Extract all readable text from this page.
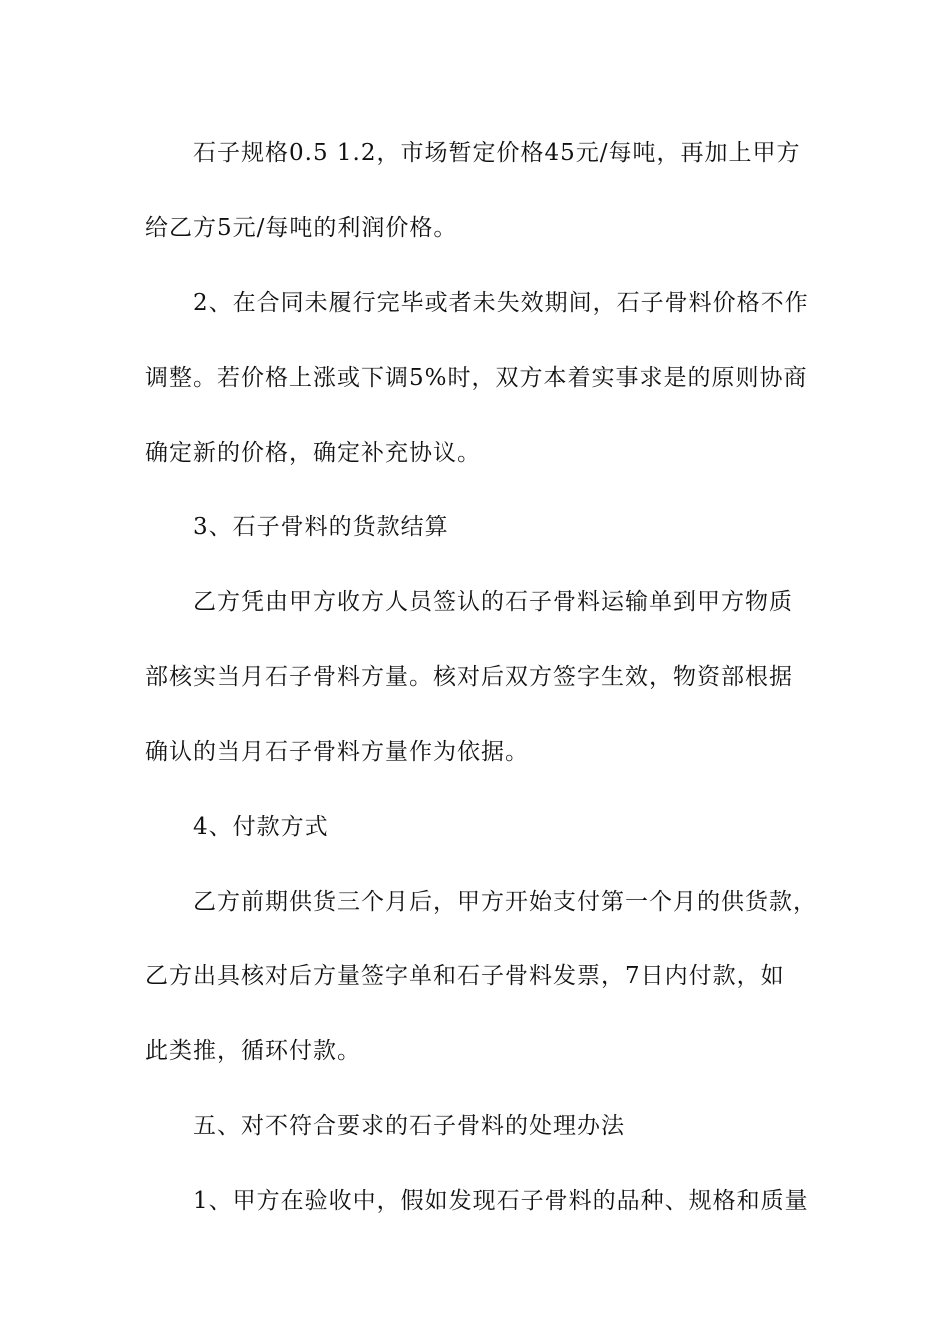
石子规格0.5 1.2，市场暂定价格45元/每吨，再加上甲方
给乙方5元/每吨的利润价格。
2、在合同未履行完毕或者未失效期间，石子骨料价格不作
调整。若价格上涨或下调5%时，双方本着实事求是的原则协商
确定新的价格，确定补充协议。
3、石子骨料的货款结算
乙方凭由甲方收方人员签认的石子骨料运输单到甲方物质
部核实当月石子骨料方量。核对后双方签字生效，物资部根据
确认的当月石子骨料方量作为依据。
4、付款方式
乙方前期供货三个月后，甲方开始支付第一个月的供货款，
乙方出具核对后方量签字单和石子骨料发票，7日内付款，如
此类推，循环付款。
五、对不符合要求的石子骨料的处理办法
1、甲方在验收中，假如发现石子骨料的品种、规格和质量
